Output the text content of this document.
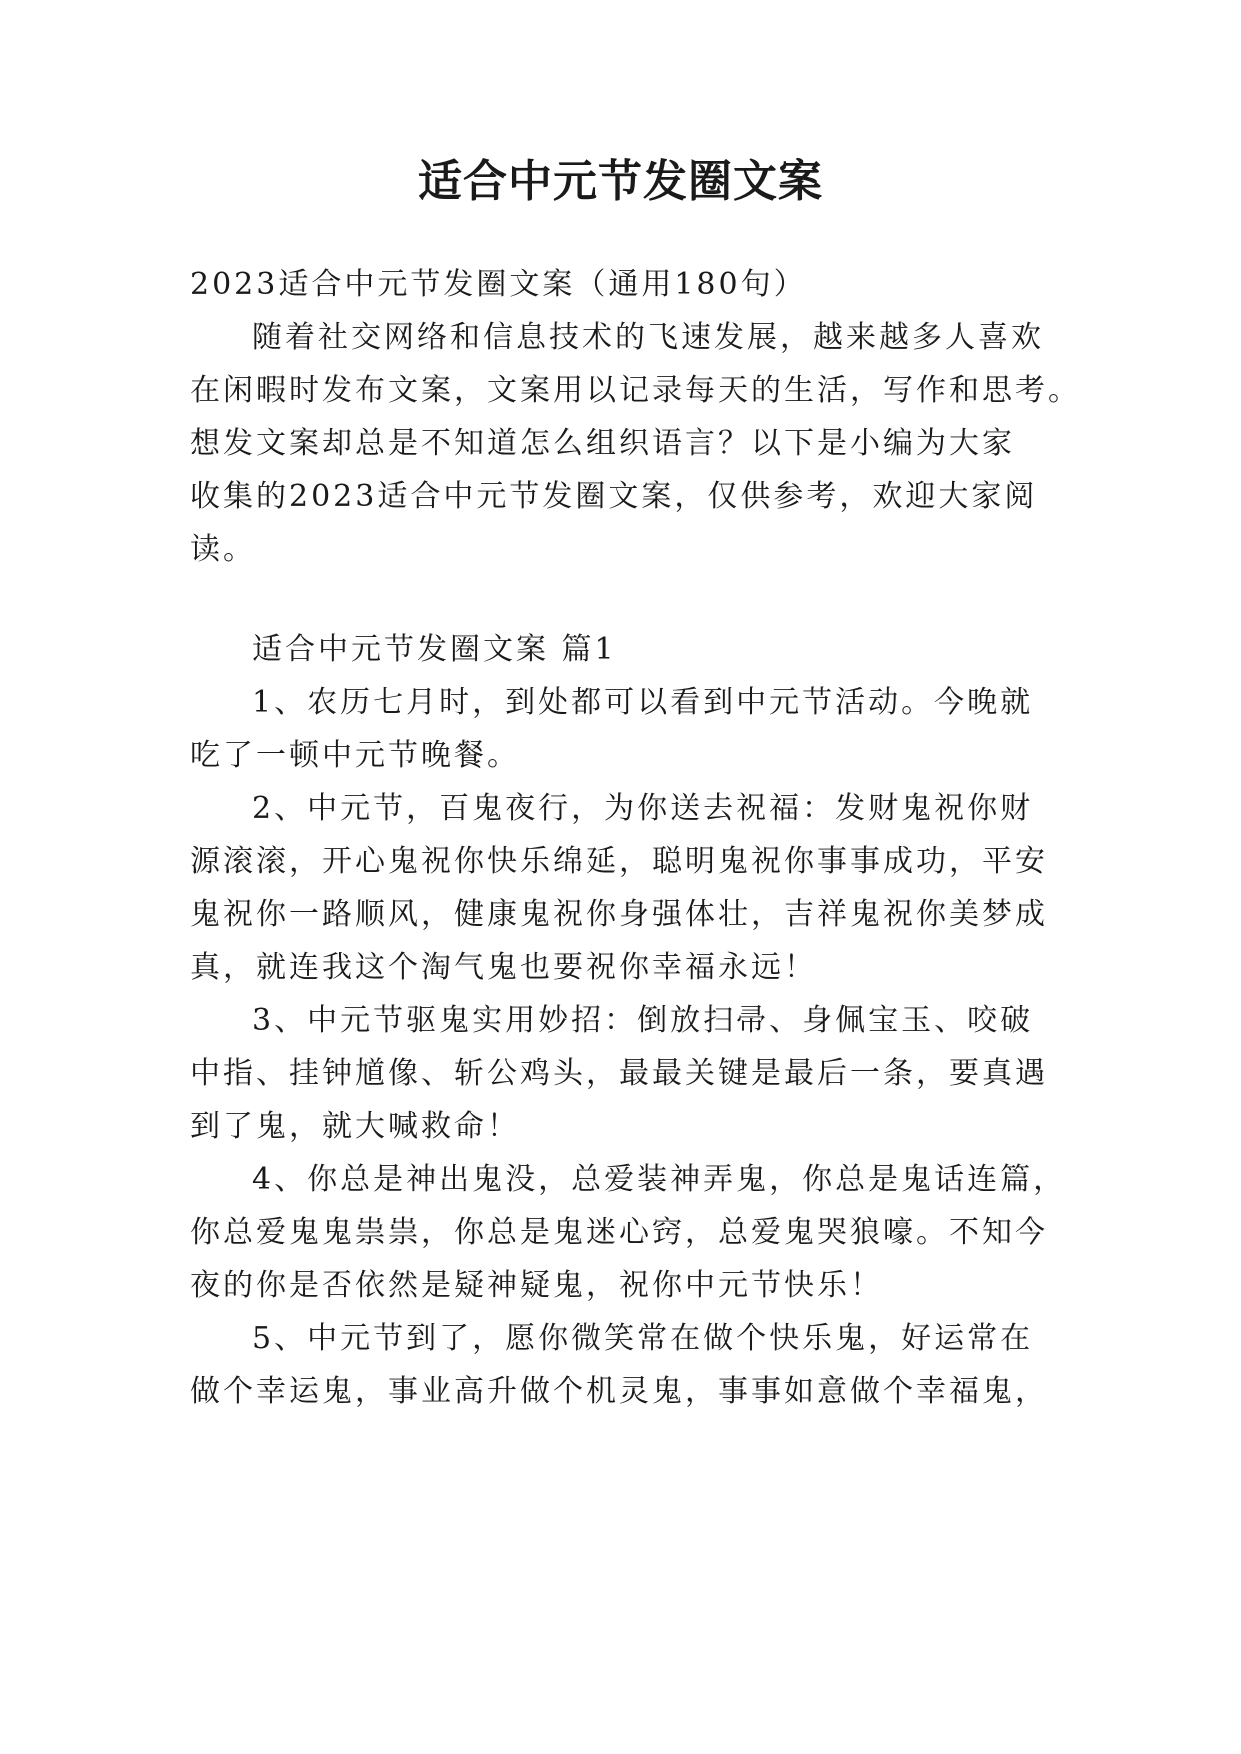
适合中元节发圈文案
2023适合中元节发圈文案（通用180句）
随着社交网络和信息技术的飞速发展，越来越多人喜欢
在闲暇时发布文案，文案用以记录每天的生活，写作和思考。
想发文案却总是不知道怎么组织语言？以下是小编为大家
收集的2023适合中元节发圈文案，仅供参考，欢迎大家阅
读。
适合中元节发圈文案 篇1
1、农历七月时，到处都可以看到中元节活动。今晚就
吃了一顿中元节晚餐。
2、中元节，百鬼夜行，为你送去祝福：发财鬼祝你财
源滚滚，开心鬼祝你快乐绵延，聪明鬼祝你事事成功，平安
鬼祝你一路顺风，健康鬼祝你身强体壮，吉祥鬼祝你美梦成
真，就连我这个淘气鬼也要祝你幸福永远！
3、中元节驱鬼实用妙招：倒放扫帚、身佩宝玉、咬破
中指、挂钟馗像、斩公鸡头，最最关键是最后一条，要真遇
到了鬼，就大喊救命！
4、你总是神出鬼没，总爱装神弄鬼，你总是鬼话连篇，
你总爱鬼鬼祟祟，你总是鬼迷心窍，总爱鬼哭狼嚎。不知今
夜的你是否依然是疑神疑鬼，祝你中元节快乐！
5、中元节到了，愿你微笑常在做个快乐鬼，好运常在
做个幸运鬼，事业高升做个机灵鬼，事事如意做个幸福鬼，
